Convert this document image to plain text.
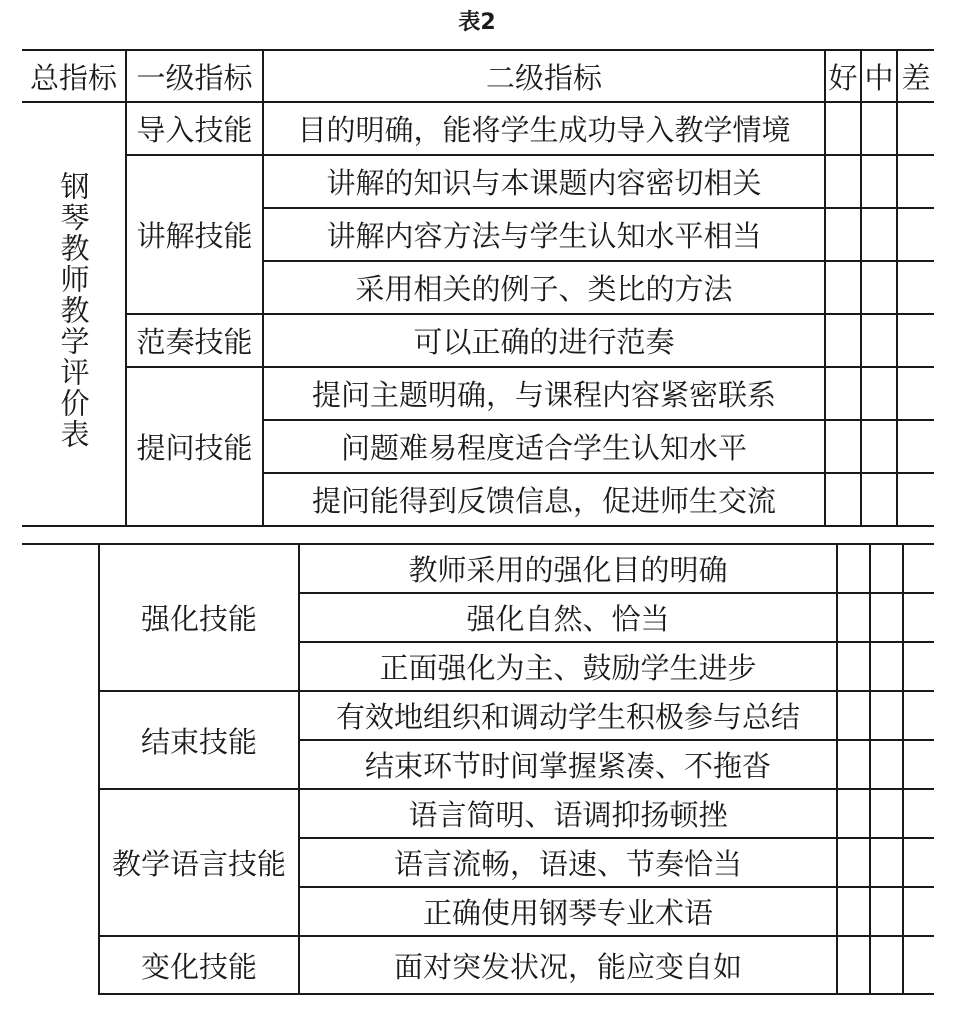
表2
总指标	一级指标	二级指标	好	中	差
钢琴教师教学评价表	导入技能	目的明确，能将学生成功导入教学情境			
	讲解技能	讲解的知识与本课题内容密切相关			
		讲解内容方法与学生认知水平相当			
		采用相关的例子、类比的方法			
	范奏技能	可以正确的进行范奏			
	提问技能	提问主题明确，与课程内容紧密联系			
		问题难易程度适合学生认知水平			
		提问能得到反馈信息，促进师生交流			
	强化技能	教师采用的强化目的明确			
		强化自然、恰当			
		正面强化为主、鼓励学生进步			
	结束技能	有效地组织和调动学生积极参与总结			
		结束环节时间掌握紧凑、不拖沓			
	教学语言技能	语言简明、语调抑扬顿挫			
		语言流畅，语速、节奏恰当			
		正确使用钢琴专业术语			
	变化技能	面对突发状况，能应变自如			
